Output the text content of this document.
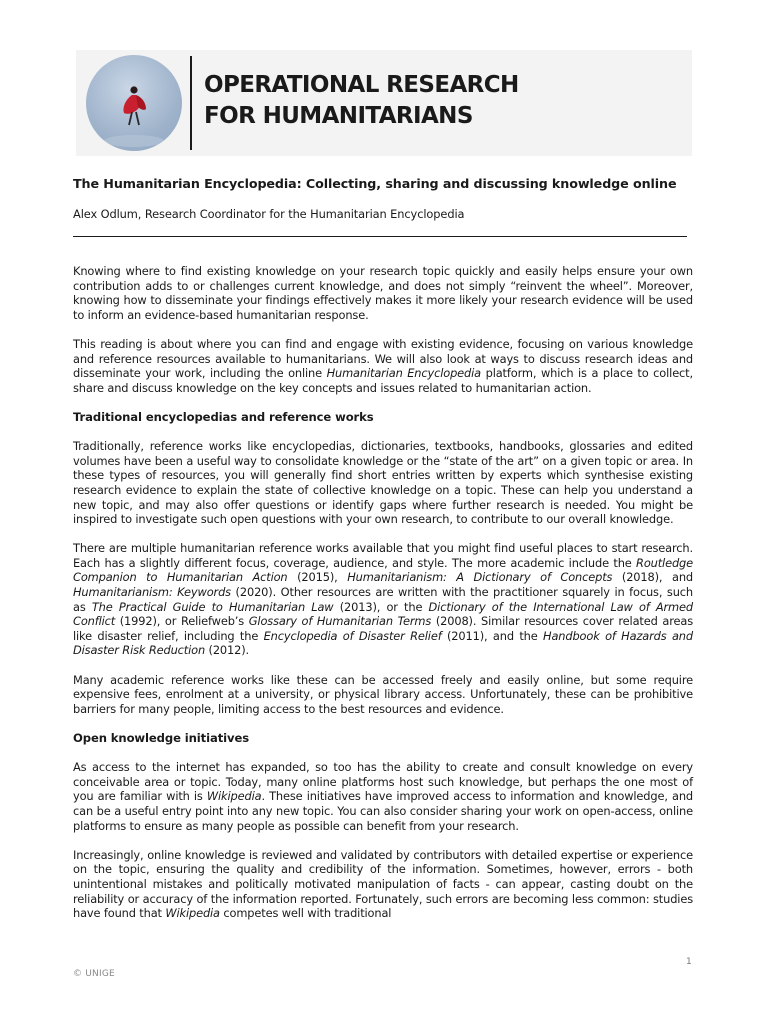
OPERATIONAL RESEARCH
FOR HUMANITARIANS
The Humanitarian Encyclopedia: Collecting, sharing and discussing knowledge online

Alex Odlum, Research Coordinator for the Humanitarian Encyclopedia

Knowing where to find existing knowledge on your research topic quickly and easily helps ensure your own contribution adds to or challenges current knowledge, and does not simply “reinvent the wheel”. Moreover, knowing how to disseminate your findings effectively makes it more likely your research evidence will be used to inform an evidence-based humanitarian response.

This reading is about where you can find and engage with existing evidence, focusing on various knowledge and reference resources available to humanitarians. We will also look at ways to discuss research ideas and disseminate your work, including the online Humanitarian Encyclopedia platform, which is a place to collect, share and discuss knowledge on the key concepts and issues related to humanitarian action.

Traditional encyclopedias and reference works

Traditionally, reference works like encyclopedias, dictionaries, textbooks, handbooks, glossaries and edited volumes have been a useful way to consolidate knowledge or the “state of the art” on a given topic or area. In these types of resources, you will generally find short entries written by experts which synthesise existing research evidence to explain the state of collective knowledge on a topic. These can help you understand a new topic, and may also offer questions or identify gaps where further research is needed. You might be inspired to investigate such open questions with your own research, to contribute to our overall knowledge.

There are multiple humanitarian reference works available that you might find useful places to start research. Each has a slightly different focus, coverage, audience, and style. The more academic include the Routledge Companion to Humanitarian Action (2015), Humanitarianism: A Dictionary of Concepts (2018), and Humanitarianism: Keywords (2020). Other resources are written with the practitioner squarely in focus, such as The Practical Guide to Humanitarian Law (2013), or the Dictionary of the International Law of Armed Conflict (1992), or Reliefweb’s Glossary of Humanitarian Terms (2008). Similar resources cover related areas like disaster relief, including the Encyclopedia of Disaster Relief (2011), and the Handbook of Hazards and Disaster Risk Reduction (2012).

Many academic reference works like these can be accessed freely and easily online, but some require expensive fees, enrolment at a university, or physical library access. Unfortunately, these can be prohibitive barriers for many people, limiting access to the best resources and evidence.

Open knowledge initiatives

As access to the internet has expanded, so too has the ability to create and consult knowledge on every conceivable area or topic. Today, many online platforms host such knowledge, but perhaps the one most of you are familiar with is Wikipedia. These initiatives have improved access to information and knowledge, and can be a useful entry point into any new topic. You can also consider sharing your work on open-access, online platforms to ensure as many people as possible can benefit from your research.

Increasingly, online knowledge is reviewed and validated by contributors with detailed expertise or experience on the topic, ensuring the quality and credibility of the information. Sometimes, however, errors - both unintentional mistakes and politically motivated manipulation of facts - can appear, casting doubt on the reliability or accuracy of the information reported. Fortunately, such errors are becoming less common: studies have found that Wikipedia competes well with traditional

1
© UNIGE
